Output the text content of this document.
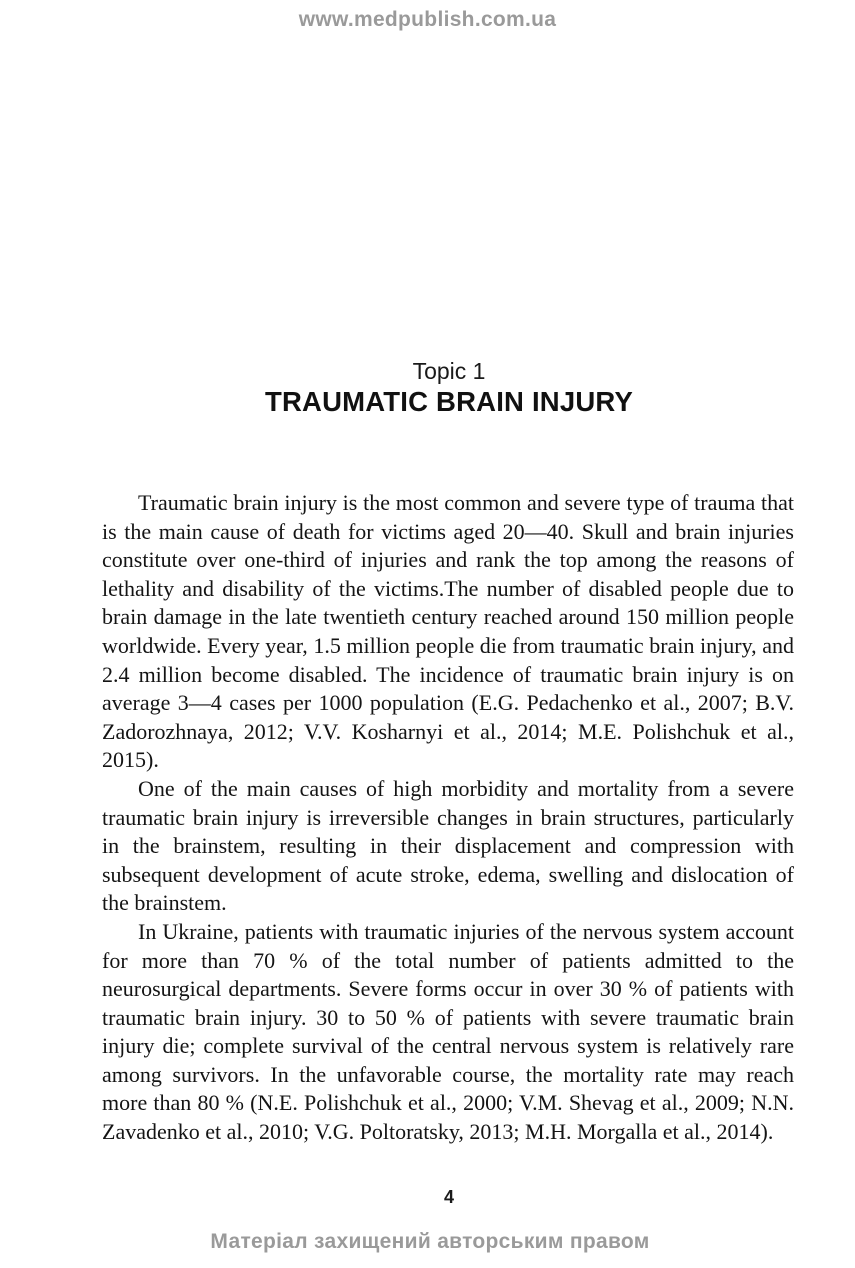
www.medpublish.com.ua
Topic 1
TRAUMATIC BRAIN INJURY

Traumatic brain injury is the most common and severe type of trauma that is the main cause of death for victims aged 20—40. Skull and brain injuries constitute over one-third of injuries and rank the top among the reasons of lethality and disability of the victims.The number of disabled people due to brain damage in the late twentieth century reached around 150 million people worldwide. Every year, 1.5 million people die from traumatic brain injury, and 2.4 million become disabled. The incidence of traumatic brain injury is on average 3—4 cases per 1000 population (E.G. Pedachenko et al., 2007; B.V. Zadorozhnaya, 2012; V.V. Kosharnyi et al., 2014; M.E. Polishchuk et al., 2015).

One of the main causes of high morbidity and mortality from a severe traumatic brain injury is irreversible changes in brain structures, particularly in the brainstem, resulting in their displacement and compression with subsequent development of acute stroke, edema, swelling and dislocation of the brainstem.

In Ukraine, patients with traumatic injuries of the nervous system account for more than 70 % of the total number of patients admitted to the neurosurgical departments. Severe forms occur in over 30 % of patients with traumatic brain injury. 30 to 50 % of patients with severe traumatic brain injury die; complete survival of the central nervous system is relatively rare among survivors. In the unfavorable course, the mortality rate may reach more than 80 % (N.E. Polishchuk et al., 2000; V.M. Shevag et al., 2009; N.N. Zavadenko et al., 2010; V.G. Poltoratsky, 2013; M.H. Morgalla et al., 2014).

4
Матеріал захищений авторським правом
